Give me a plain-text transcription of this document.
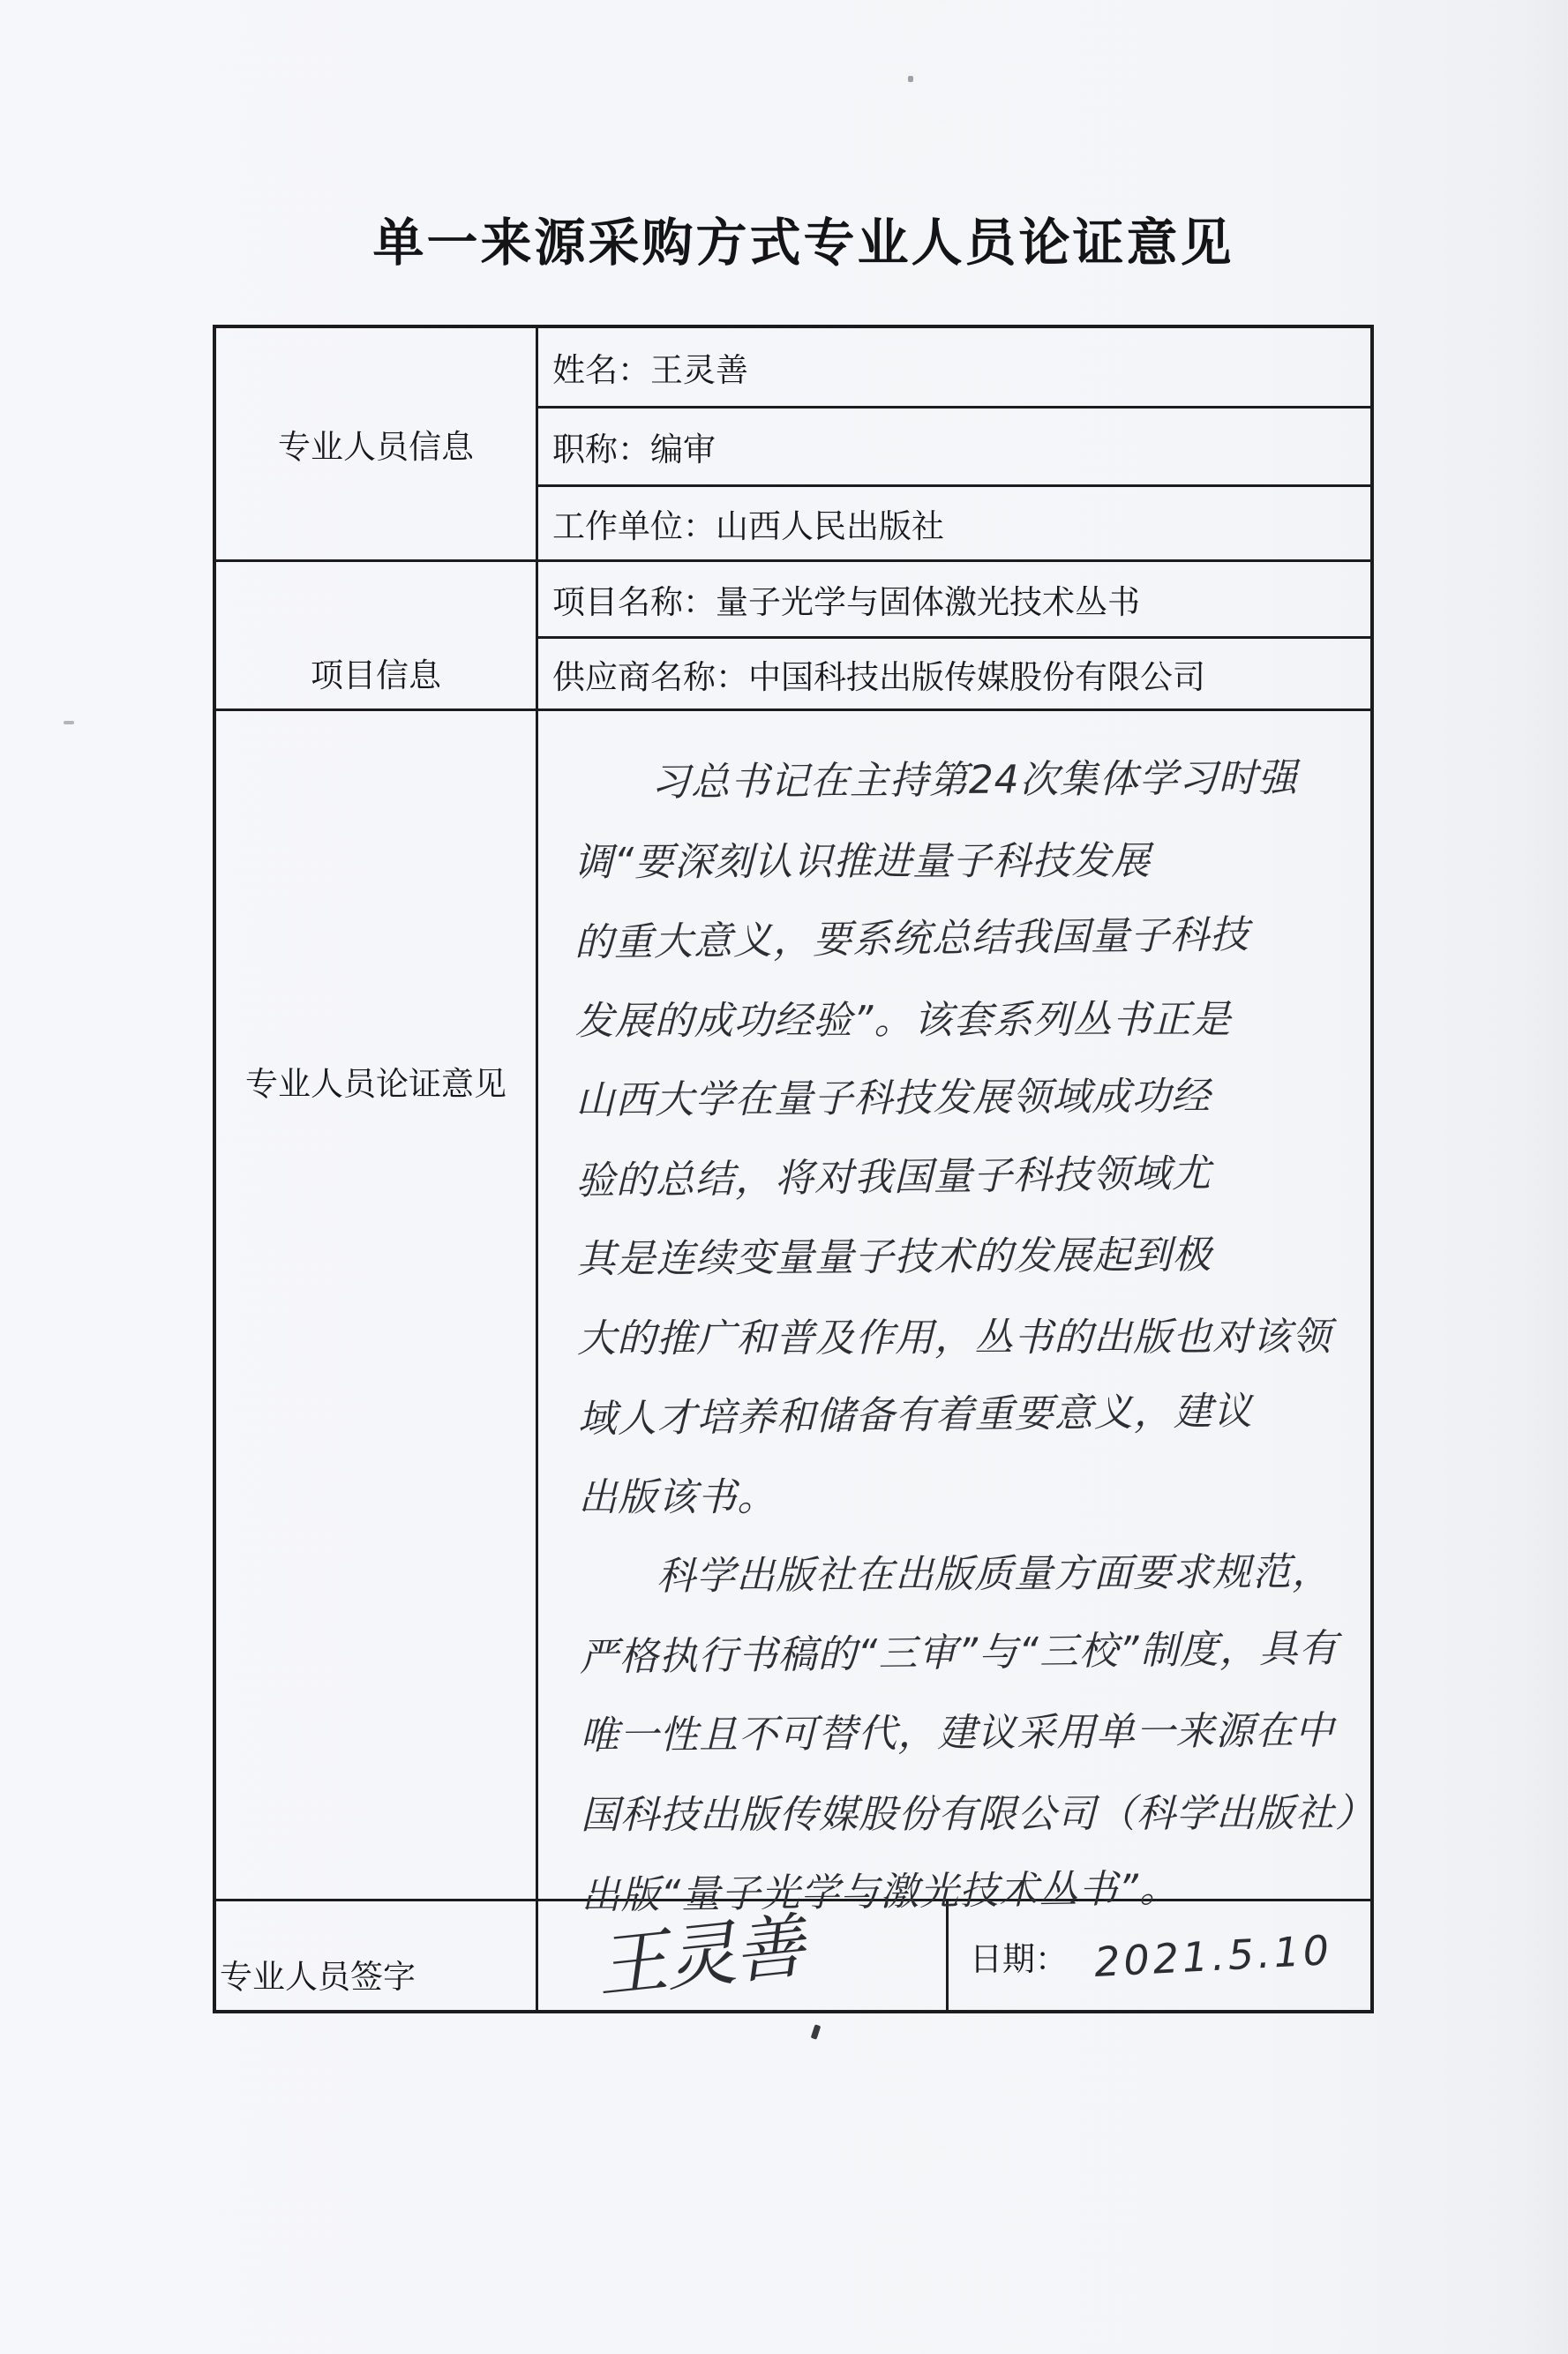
单一来源采购方式专业人员论证意见
专业人员信息
姓名：王灵善
职称：编审
工作单位：山西人民出版社
项目信息
项目名称：量子光学与固体激光技术丛书
供应商名称：中国科技出版传媒股份有限公司
专业人员论证意见
习总书记在主持第24次集体学习时强
调“要深刻认识推进量子科技发展
的重大意义，要系统总结我国量子科技
发展的成功经验”。该套系列丛书正是
山西大学在量子科技发展领域成功经
验的总结，将对我国量子科技领域尤
其是连续变量量子技术的发展起到极
大的推广和普及作用，丛书的出版也对该领
域人才培养和储备有着重要意义，建议
出版该书。
科学出版社在出版质量方面要求规范，
严格执行书稿的“三审”与“三校”制度，具有
唯一性且不可替代，建议采用单一来源在中
国科技出版传媒股份有限公司（科学出版社）
出版“量子光学与激光技术丛书”。
专业人员签字	王灵善	日期： 2021.5.10
